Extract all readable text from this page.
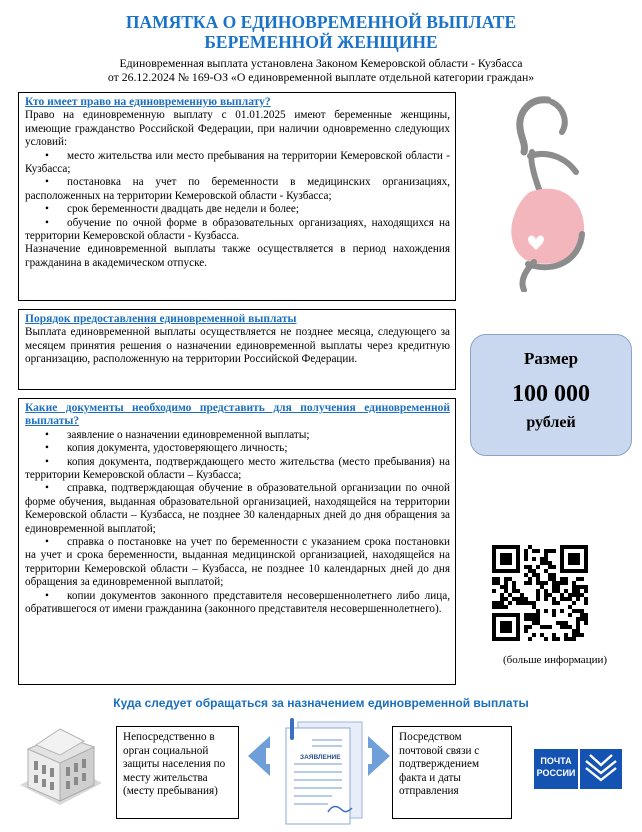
ПАМЯТКА О ЕДИНОВРЕМЕННОЙ ВЫПЛАТЕ
БЕРЕМЕННОЙ ЖЕНЩИНЕ
Единовременная выплата установлена Законом Кемеровской области - Кузбасса
от 26.12.2024 № 169-ОЗ «О единовременной выплате отдельной категории граждан»
Кто имеет право на единовременную выплату?

Право на единовременную выплату с 01.01.2025 имеют беременные женщины, имеющие гражданство Российской Федерации, при наличии одновременно следующих условий:

• место жительства или место пребывания на территории Кемеровской области - Кузбасса;

• постановка на учет по беременности в медицинских организациях, расположенных на территории Кемеровской области - Кузбасса;

• срок беременности двадцать две недели и более;

• обучение по очной форме в образовательных организациях, находящихся на территории Кемеровской области - Кузбасса.

Назначение единовременной выплаты также осуществляется в период нахождения гражданина в академическом отпуске.

Порядок предоставления единовременной выплаты

Выплата единовременной выплаты осуществляется не позднее месяца, следующего за месяцем принятия решения о назначении единовременной выплаты через кредитную организацию, расположенную на территории Российской Федерации.	Размер
100 000
рублей
Какие документы необходимо представить для получения единовременной выплаты?

• заявление о назначении единовременной выплаты;

• копия документа, удостоверяющего личность;

• копия документа, подтверждающего место жительства (место пребывания) на территории Кемеровской области – Кузбасса;

• справка, подтверждающая обучение в образовательной организации по очной форме обучения, выданная образовательной организацией, находящейся на территории Кемеровской области – Кузбасса, не позднее 30 календарных дней до дня обращения за единовременной выплатой;

• справка о постановке на учет по беременности с указанием срока постановки на учет и срока беременности, выданная медицинской организацией, находящейся на территории Кемеровской области – Кузбасса, не позднее 10 календарных дней до дня обращения за единовременной выплатой;

• копии документов законного представителя несовершеннолетнего либо лица, обратившегося от имени гражданина (законного представителя несовершеннолетнего).

(больше информации)
Куда следует обращаться за назначением единовременной выплаты
Непосредственно в орган социальной защиты населения по месту жительства (месту пребывания)
ЗАЯВЛЕНИЕ
Посредством почтовой связи с подтверждением факта и даты отправления
ПОЧТА
РОССИИ
